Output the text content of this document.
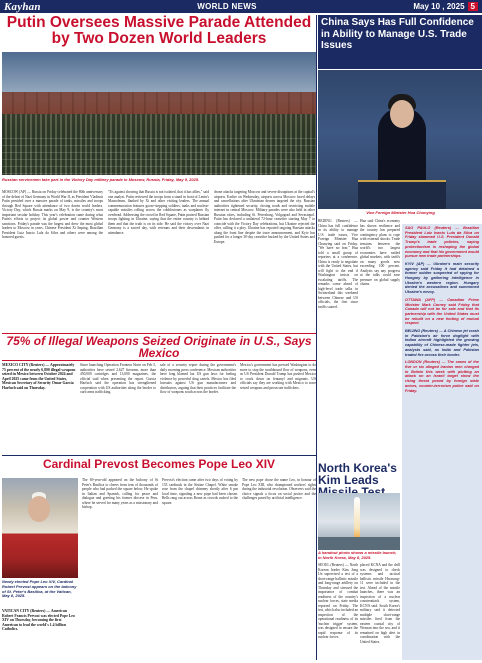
Kayhan	WORLD NEWS	May 10 , 2025 5
Putin Oversees Massive Parade Attended by Two Dozen World Leaders
Russian servicemen take part in the Victory Day military parade in Moscow, Russia, Friday, May 9, 2025.
MOSCOW (AP) — Russia on Friday celebrated the 80th anniversary of the defeat of Nazi Germany in World War II, as President Vladimir Putin presided over a massive parade of tanks, missiles and troops through Red Square with attendance of two dozen world leaders. Victory Day, which Russia marks on May 9, is the country's most important secular holiday. This year's celebration came during what Putin's efforts to project its global power and counter Western sanctions. Friday's parade was the largest and drew the most global leaders to Moscow in years. Chinese President Xi Jinping, Brazilian President Luiz Inacio Lula da Silva and others were among the honored guests.
"It's against showing that Russia is not isolated, that it has allies," said one analyst. Putin reviewed the troops from a stand in front of Lenin's Mausoleum, flanked by Xi and other visiting leaders. The annual commemoration features goose-stepping soldiers, tanks and nuclear-capable missiles rolling across the cobblestones as warplanes fly overhead. Addressing the crowd in Red Square, Putin praised Russian troops fighting in Ukraine, saying that the entire country is behind them and that the truth is on its side. He said the victory over Nazi Germany is a sacred day, with veterans and their descendants in attendance.
drone attacks targeting Moscow and severe disruptions at the capital's airports. Earlier on Wednesday, airports across Moscow faced delays and cancellations after Ukrainian drones targeted the city. Russian authorities tightened security, closing roads and restricting mobile internet in central Moscow. Military parades were also held in other Russian cities, including St. Petersburg, Volgograd and Sevastopol. Putin has declared a unilateral 72-hour ceasefire starting May 7 to coincide with the Victory Day celebrations, but Ukraine rejected the offer, calling it a ploy. Ukraine has reported ongoing Russian attacks along the front line despite the truce announcement, and Kyiv has pushed for a longer 30-day ceasefire backed by the United States and Europe.
75% of Illegal Weapons Seized Originate in U.S., Says Mexico
MEXICO CITY (Reuters) — Approximately 75 percent of the nearly 6,800 illegal weapons seized in Mexico between October 2024 and April 2025 came from the United States, Mexican Secretary of Security Omar Garcia Harfuch said on Thursday.
Since launching Operation Frontera Norte on Feb 5, authorities have seized 2,627 firearms, more than 450,000 cartridges and 13,000 magazines, the official said when presenting the report. Garcia Harfuch said the operation has strengthened cooperation with US authorities along the border to curb arms trafficking.
sale of a security report during the government's daily morning press conference. Mexican authorities have long blamed lax US gun laws for fueling violence by powerful drug cartels. Mexico has filed lawsuits against US gun manufacturers and distributors, arguing that their practices facilitate the flow of weapons south across the border.
Mexico's government has pressed Washington to do more to stop the southbound flow of weapons, even as US President Donald Trump has pushed Mexico to crack down on fentanyl and migrants. US officials say they are working with Mexico to trace seized weapons and prosecute traffickers.
Cardinal Prevost Becomes Pope Leo XIV
Newly elected Pope Leo XIV, Cardinal Robert Prevost appears on the balcony of St. Peter's Basilica, at the Vatican, May 8, 2025.
VATICAN CITY (Reuters) — American Robert Francis Prevost was elected Pope Leo XIV on Thursday, becoming the first American to lead the world's 1.4 billion Catholics.
The 69-year-old appeared on the balcony of St Peter's Basilica to cheers from tens of thousands of people who had packed the square below. He spoke in Italian and Spanish, calling for peace and dialogue and greeting his former diocese in Peru, where he served for many years as a missionary and bishop.
Prevost's election came after two days of voting by 133 cardinals in the Sistine Chapel. White smoke rose from the chapel chimney shortly after 6 pm local time, signaling a new pope had been chosen. Bells rang out across Rome as crowds rushed to the square.
The new pope chose the name Leo, in honour of Pope Leo XIII, who championed workers' rights during the industrial revolution. Observers said the choice signals a focus on social justice and the challenges posed by artificial intelligence.
China Says Has Full Confidence in Ability to Manage U.S. Trade Issues
Vice Foreign Minister Hua Chunying
BEIJING (Reuters) — China has full confidence in its ability to manage U.S. trade issues, Vice Foreign Minister Hua Chunying said on Friday. "We have no fear," Hua told a small group of reporters at a conference. China is ready to negotiate with the United States, but will fight to the end if Washington insists on escalating tariffs. The remarks come ahead of high-level trade talks in Switzerland this weekend between Chinese and US officials, the first since tariffs soared.
Hua said China's economy has shown resilience and the country has prepared contingency plans to cope with external shocks. Trade tensions between the world's two largest economies have rattled global markets, with tariffs on many goods now exceeding 100 percent. Analysts say any progress at the talks could ease pressure on global supply chains.

SAO PAULO (Reuters) — Brazilian President Luiz Inacio Lula da Silva on Friday slammed U.S. President Donald Trump's trade policies, saying protectionism is reshaping the global economy and that his government would pursue new trade partnerships.

KYIV (AP) — Ukraine's main security agency said Friday it had detained a former soldier suspected of spying for Hungary by gathering intelligence in Ukraine's western region. Hungary denied the accusations and summoned Ukraine's envoy.

OTTAWA (AFP) — Canadian Prime Minister Mark Carney said Friday that Canada will not be for sale and that its partnership with the United States must be rebuilt on a new footing of mutual respect.

BEIJING (Reuters) — A Chinese jet crash in Pakistan's air force dogfight with Indian aircraft highlighted the growing capability of Chinese-made fighter jets, analysts said, as India and Pakistan traded fire across their border.

LONDON (Reuters) — The cases of the five or six alleged Iranian men charged in Britain this week with plotting an attack on an Israeli target show the rising threat posed by foreign state actors, counter-terrorism police said on Friday.

North Korea's Kim Leads
A handout photo shows a missile launch, in North Korea, May 8, 2025.
SEOUL (Reuters) — North Korean leader Kim Jong Un supervised a test of a short-range ballistic missile and long-range artillery on Thursday and stressed the importance of combat readiness of the country's nuclear forces, state media reported on Friday. The test, which also included an inspection of the operational readiness of its 'nuclear trigger' system, was designed to ensure the rapid response of its nuclear forces.
placed KCNA and the drill was designed to check systems and tactical ballistic missile Hwasong-11 were included in the test. Ahead of the missile launches, there was an inspection of a nuclear counterattack system, KCNA said. South Korea's military said it detected multiple short-range missiles fired from the eastern coastal city of Wonsan into the sea, and it remained on high alert in coordination with the United States.
